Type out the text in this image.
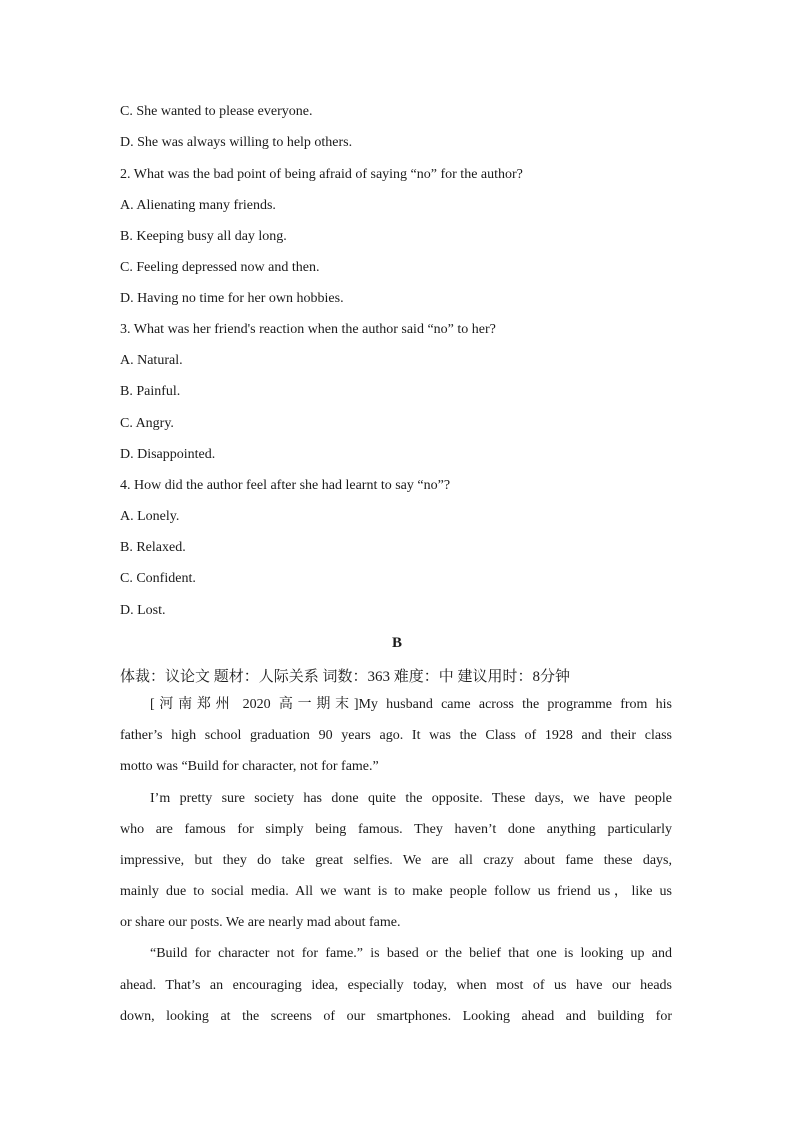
C. She wanted to please everyone.
D. She was always willing to help others.
2. What was the bad point of being afraid of saying “no” for the author?
A. Alienating many friends.
B. Keeping busy all day long.
C. Feeling depressed now and then.
D. Having no time for her own hobbies.
3. What was her friend's reaction when the author said “no” to her?
A. Natural.
B. Painful.
C. Angry.
D. Disappointed.
4. How did the author feel after she had learnt to say “no”?
A. Lonely.
B. Relaxed.
C. Confident.
D. Lost.
B
体裁：议论文 题材：人际关系 词数：363 难度：中 建议用时：8分钟
[河南郑州 2020 高一期末]My husband came across the programme from his
father’s high school graduation 90 years ago. It was the Class of 1928 and their class
motto was “Build for character, not for fame.”
I’m pretty sure society has done quite the opposite. These days, we have people
who are famous for simply being famous. They haven’t done anything particularly
impressive, but they do take great selfies. We are all crazy about fame these days,
mainly due to social media. All we want is to make people follow us friend us，like us
or share our posts. We are nearly mad about fame.
“Build for character not for fame.” is based or the belief that one is looking up and
ahead. That’s an encouraging idea, especially today, when most of us have our heads
down, looking at the screens of our smartphones. Looking ahead and building for
